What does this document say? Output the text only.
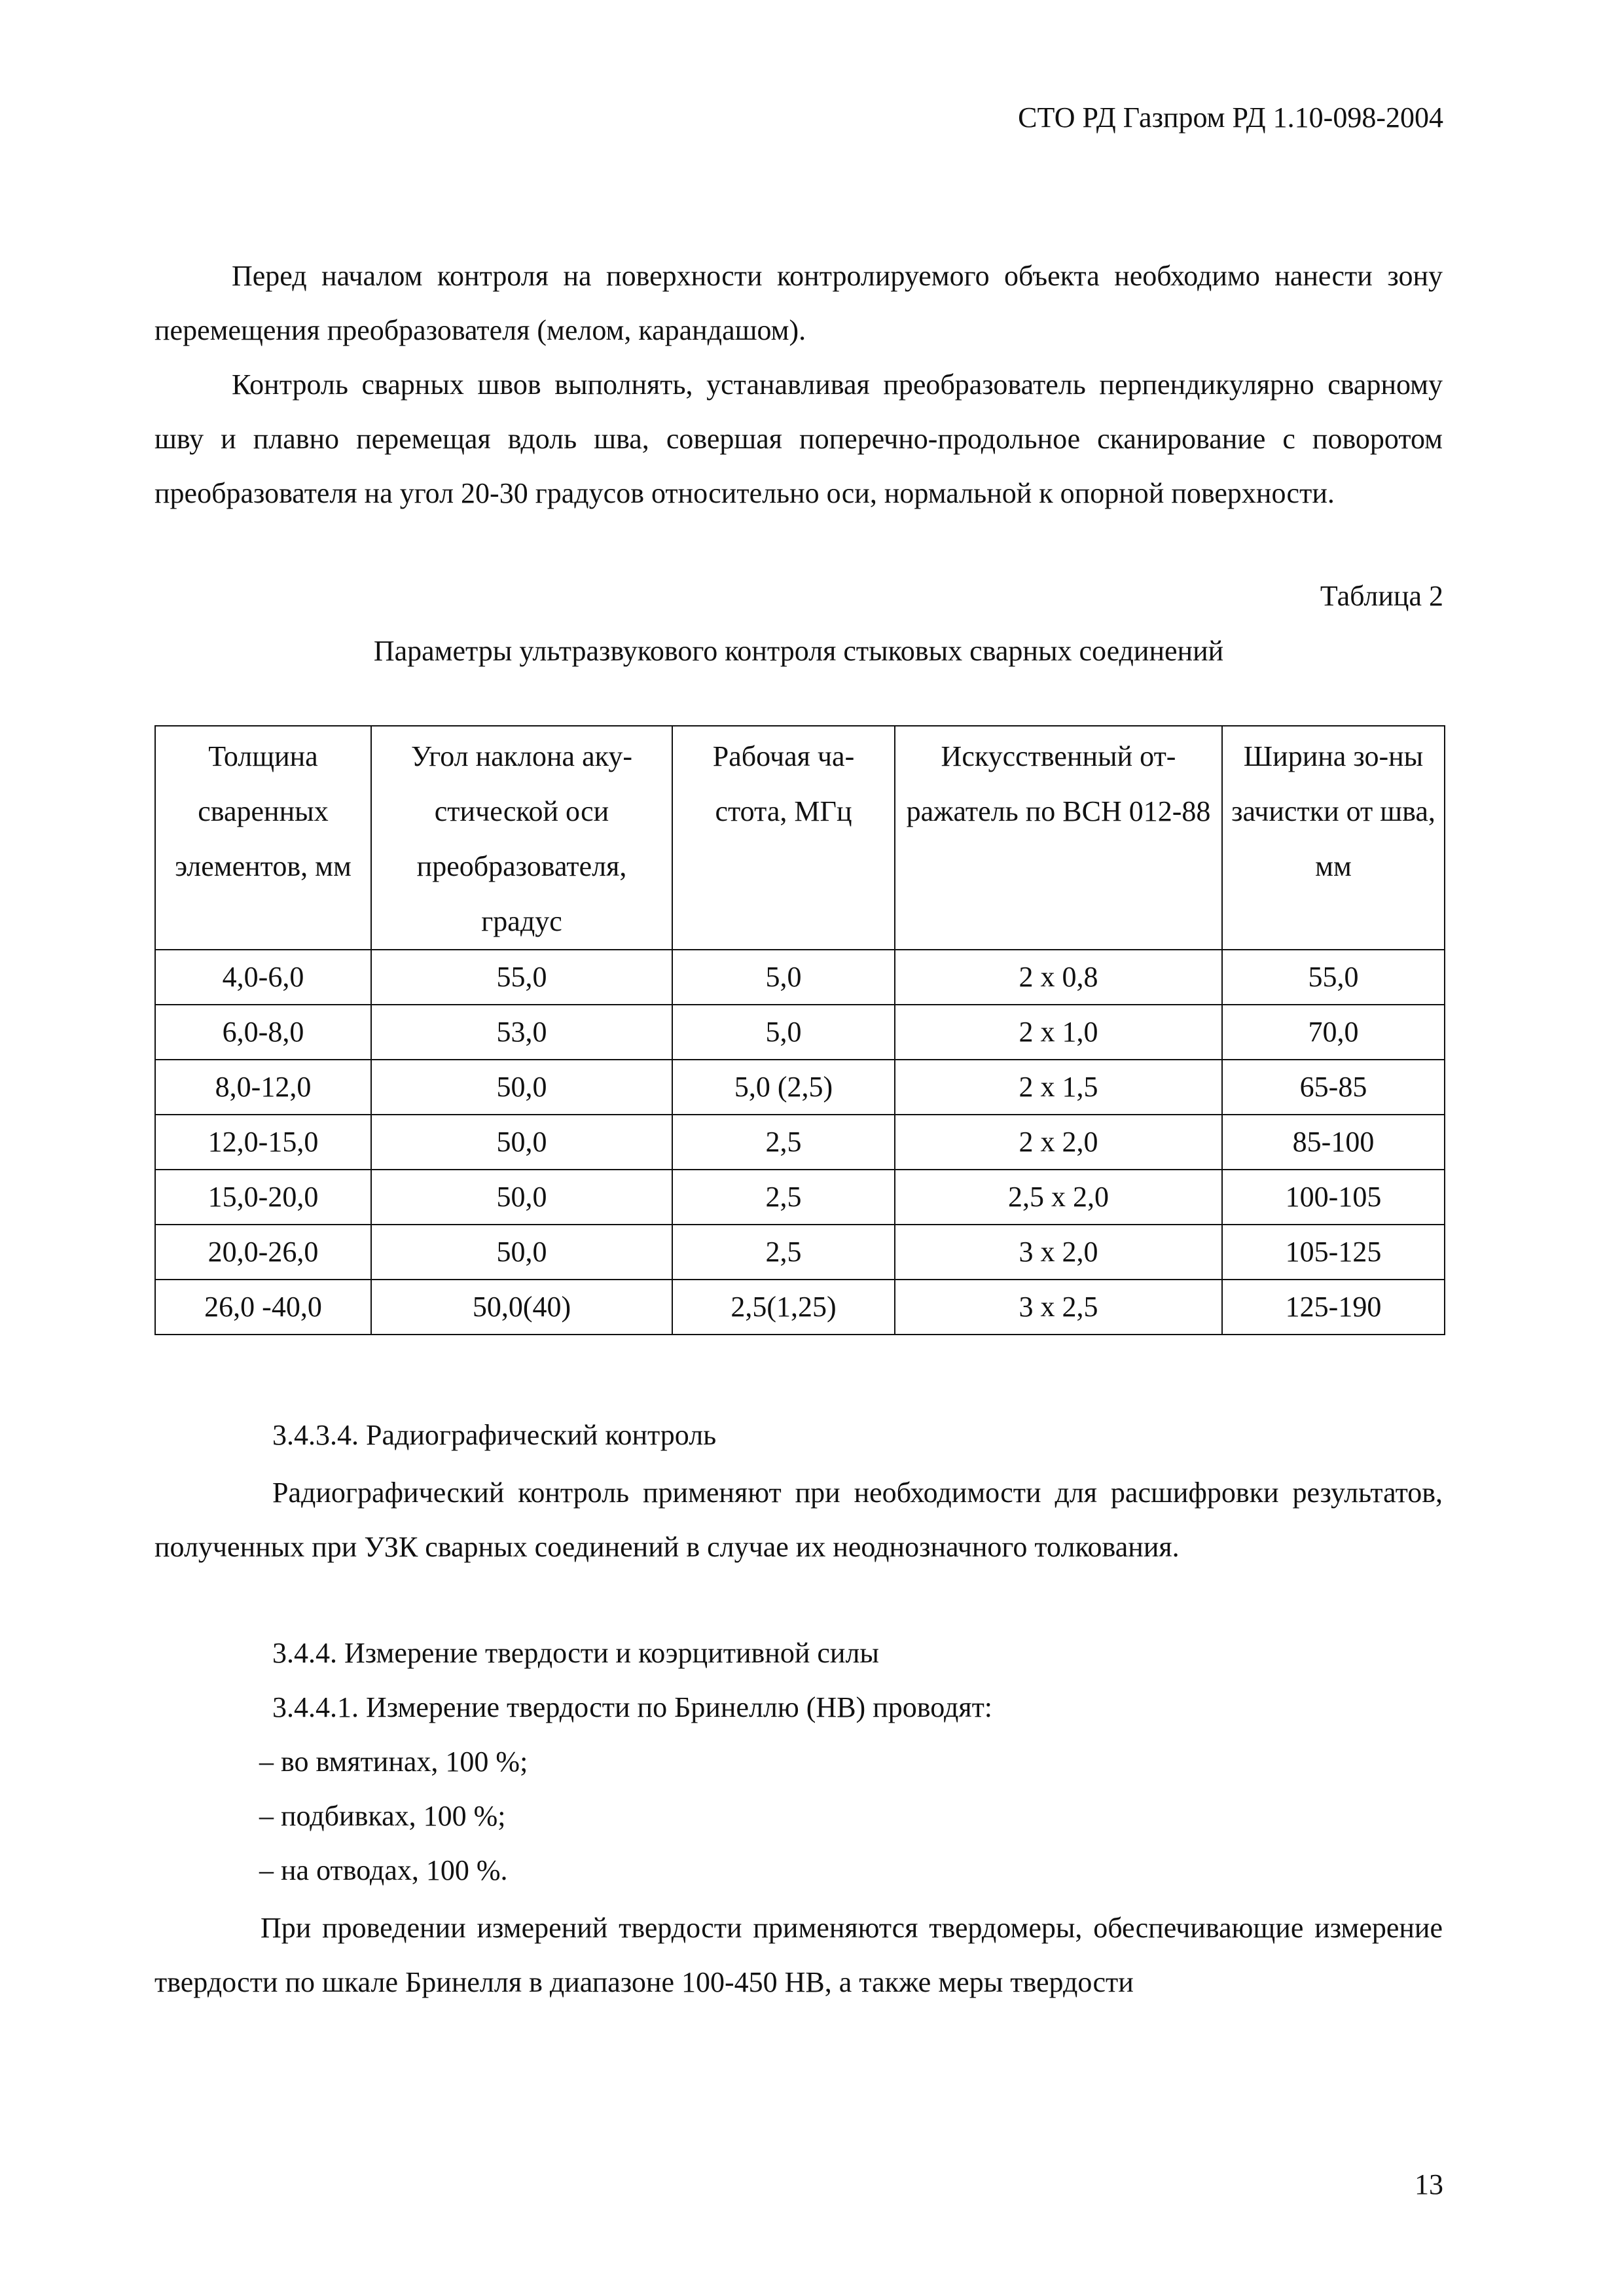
СТО РД Газпром РД 1.10-098-2004
Перед началом контроля на поверхности контролируемого объекта необходимо нанести зону перемещения преобразователя (мелом, карандашом).
Контроль сварных швов выполнять, устанавливая преобразователь перпендикулярно сварному шву и плавно перемещая вдоль шва, совершая поперечно-продольное сканирование с поворотом преобразователя на угол 20-30 градусов относительно оси, нормальной к опорной поверхности.
Таблица 2
Параметры ультразвукового контроля стыковых сварных соединений
Толщина сваренных элементов, мм	Угол наклона аку-стической оси преобразователя, градус	Рабочая ча-стота, МГц	Искусственный от-ражатель по ВСН 012-88	Ширина зо-ны зачистки от шва, мм
4,0-6,0	55,0	5,0	2 x 0,8	55,0
6,0-8,0	53,0	5,0	2 x 1,0	70,0
8,0-12,0	50,0	5,0 (2,5)	2 x 1,5	65-85
12,0-15,0	50,0	2,5	2 x 2,0	85-100
15,0-20,0	50,0	2,5	2,5 x 2,0	100-105
20,0-26,0	50,0	2,5	3 x 2,0	105-125
26,0 -40,0	50,0(40)	2,5(1,25)	3 x 2,5	125-190
3.4.3.4. Радиографический контроль
Радиографический контроль применяют при необходимости для расшифровки результатов, полученных при УЗК сварных соединений в случае их неоднозначного толкования.
3.4.4. Измерение твердости и коэрцитивной силы
3.4.4.1. Измерение твердости по Бринеллю (HB) проводят:
– во вмятинах, 100 %;
– подбивках, 100 %;
– на отводах, 100 %.
При проведении измерений твердости применяются твердомеры, обеспечивающие измерение твердости по шкале Бринелля в диапазоне 100-450 HB, а также меры твердости
13
